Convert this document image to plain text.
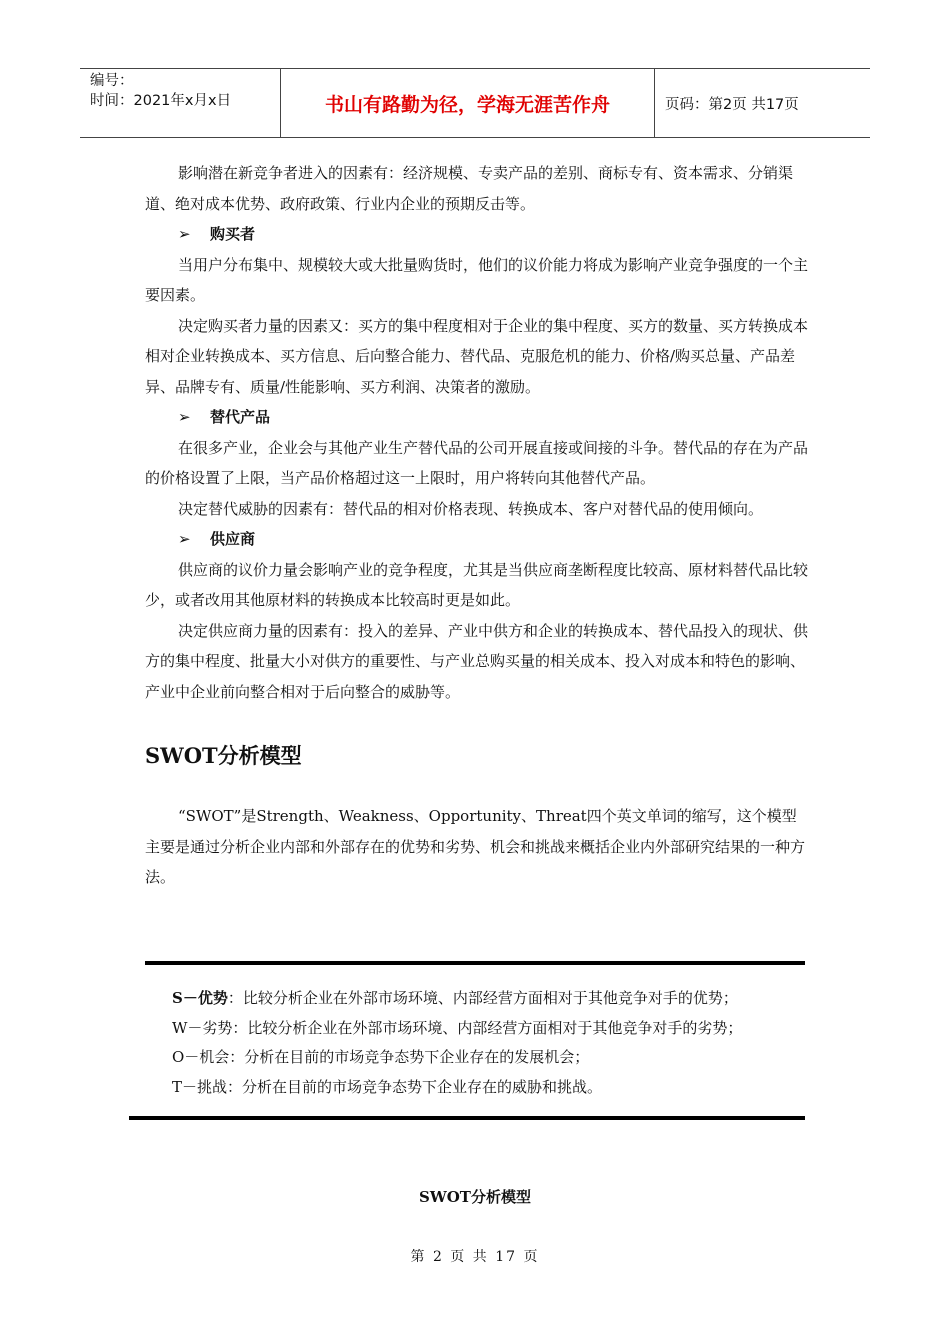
编号：
时间：2021年x月x日	书山有路勤为径，学海无涯苦作舟	页码：第2页 共17页

影响潜在新竞争者进入的因素有：经济规模、专卖产品的差别、商标专有、资本需求、分销渠道、绝对成本优势、政府政策、行业内企业的预期反击等。

➢ 购买者

当用户分布集中、规模较大或大批量购货时，他们的议价能力将成为影响产业竞争强度的一个主要因素。

决定购买者力量的因素又：买方的集中程度相对于企业的集中程度、买方的数量、买方转换成本相对企业转换成本、买方信息、后向整合能力、替代品、克服危机的能力、价格/购买总量、产品差异、品牌专有、质量/性能影响、买方利润、决策者的激励。

➢ 替代产品

在很多产业，企业会与其他产业生产替代品的公司开展直接或间接的斗争。替代品的存在为产品的价格设置了上限，当产品价格超过这一上限时，用户将转向其他替代产品。

决定替代威胁的因素有：替代品的相对价格表现、转换成本、客户对替代品的使用倾向。

➢ 供应商

供应商的议价力量会影响产业的竞争程度，尤其是当供应商垄断程度比较高、原材料替代品比较少，或者改用其他原材料的转换成本比较高时更是如此。

决定供应商力量的因素有：投入的差异、产业中供方和企业的转换成本、替代品投入的现状、供方的集中程度、批量大小对供方的重要性、与产业总购买量的相关成本、投入对成本和特色的影响、产业中企业前向整合相对于后向整合的威胁等。

SWOT分析模型

“SWOT”是Strength、Weakness、Opportunity、Threat四个英文单词的缩写，这个模型主要是通过分析企业内部和外部存在的优势和劣势、机会和挑战来概括企业内外部研究结果的一种方法。

S－优势：比较分析企业在外部市场环境、内部经营方面相对于其他竞争对手的优势；
W－劣势：比较分析企业在外部市场环境、内部经营方面相对于其他竞争对手的劣势；
O－机会：分析在目前的市场竞争态势下企业存在的发展机会；
T－挑战：分析在目前的市场竞争态势下企业存在的威胁和挑战。
SWOT分析模型
第 2 页 共 17 页
